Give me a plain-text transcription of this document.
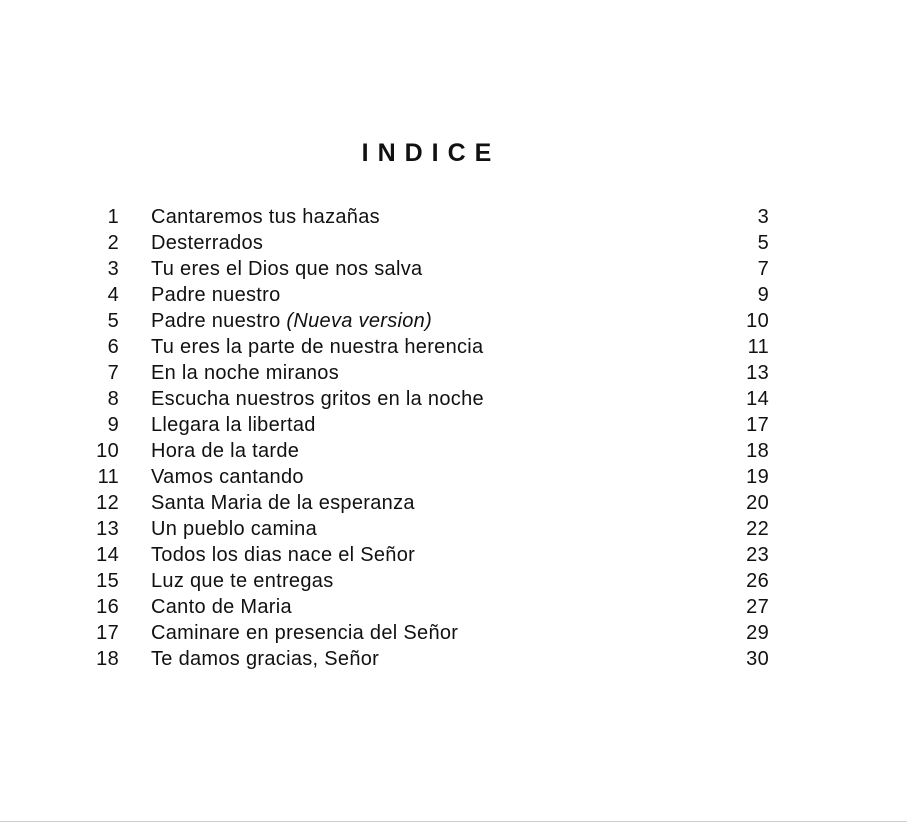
INDICE
1 Cantaremos tus hazañas	3
2 Desterrados	5
3 Tu eres el Dios que nos salva	7
4 Padre nuestro	9
5 Padre nuestro (Nueva version)	10
6 Tu eres la parte de nuestra herencia	11
7 En la noche miranos	13
8 Escucha nuestros gritos en la noche	14
9 Llegara la libertad	17
10 Hora de la tarde	18
11 Vamos cantando	19
12 Santa Maria de la esperanza	20
13 Un pueblo camina	22
14 Todos los dias nace el Señor	23
15 Luz que te entregas	26
16 Canto de Maria	27
17 Caminare en presencia del Señor	29
18 Te damos gracias, Señor	30
